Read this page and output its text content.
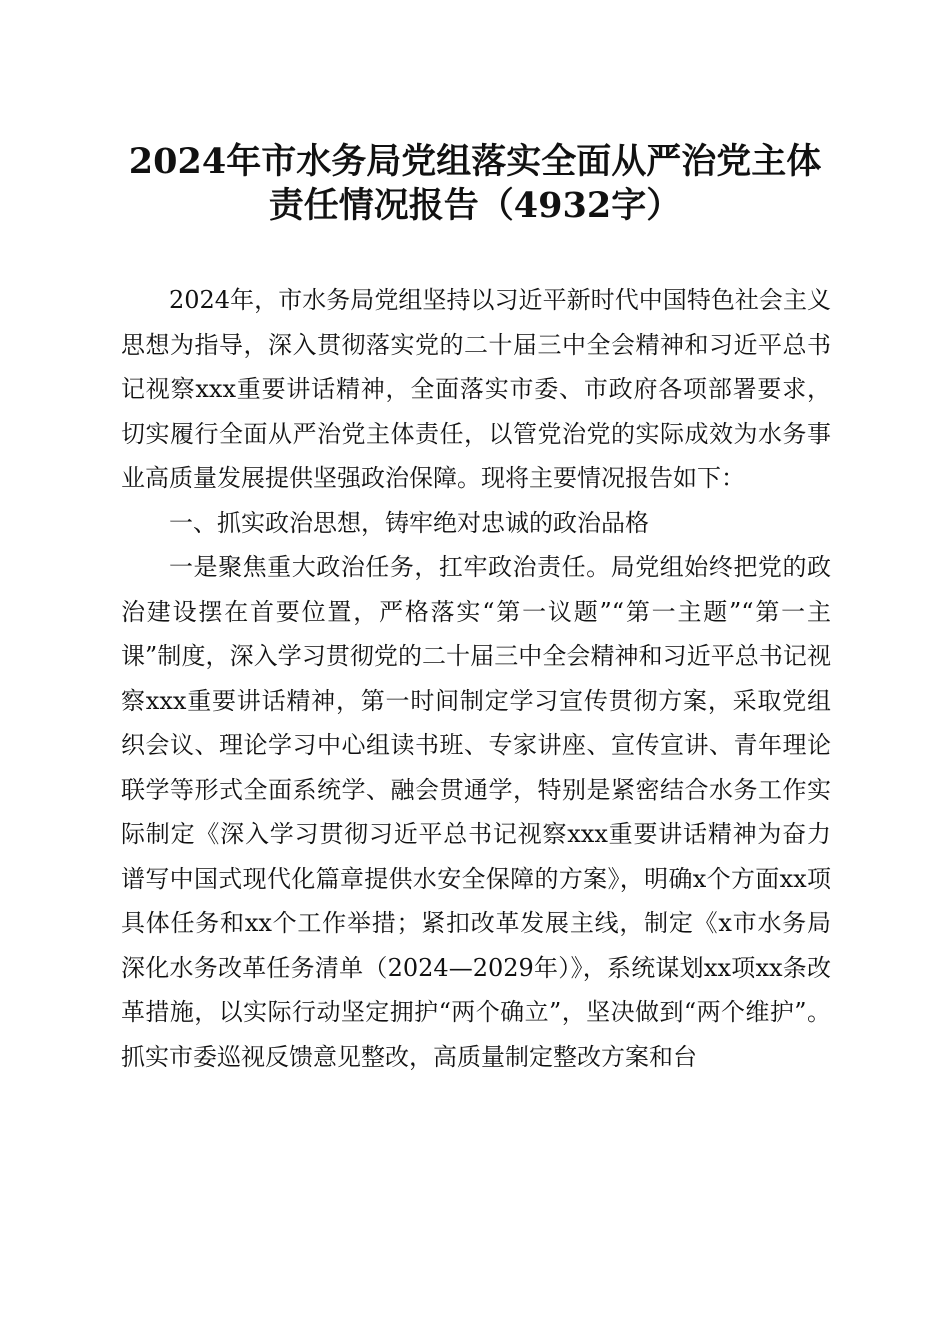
2024年市水务局党组落实全面从严治党主体
责任情况报告（4932字）

2024年，市水务局党组坚持以习近平新时代中国特色社会主义思想为指导，深入贯彻落实党的二十届三中全会精神和习近平总书记视察xxx重要讲话精神，全面落实市委、市政府各项部署要求，切实履行全面从严治党主体责任，以管党治党的实际成效为水务事业高质量发展提供坚强政治保障。现将主要情况报告如下：

一、抓实政治思想，铸牢绝对忠诚的政治品格

一是聚焦重大政治任务，扛牢政治责任。局党组始终把党的政治建设摆在首要位置，严格落实“第一议题”“第一主题”“第一主课”制度，深入学习贯彻党的二十届三中全会精神和习近平总书记视察xxx重要讲话精神，第一时间制定学习宣传贯彻方案，采取党组织会议、理论学习中心组读书班、专家讲座、宣传宣讲、青年理论联学等形式全面系统学、融会贯通学，特别是紧密结合水务工作实际制定《深入学习贯彻习近平总书记视察xxx重要讲话精神为奋力谱写中国式现代化篇章提供水安全保障的方案》，明确x个方面xx项具体任务和xx个工作举措；紧扣改革发展主线，制定《x市水务局深化水务改革任务清单（2024—2029年）》，系统谋划xx项xx条改革措施，以实际行动坚定拥护“两个确立”，坚决做到“两个维护”。抓实市委巡视反馈意见整改，高质量制定整改方案和台
